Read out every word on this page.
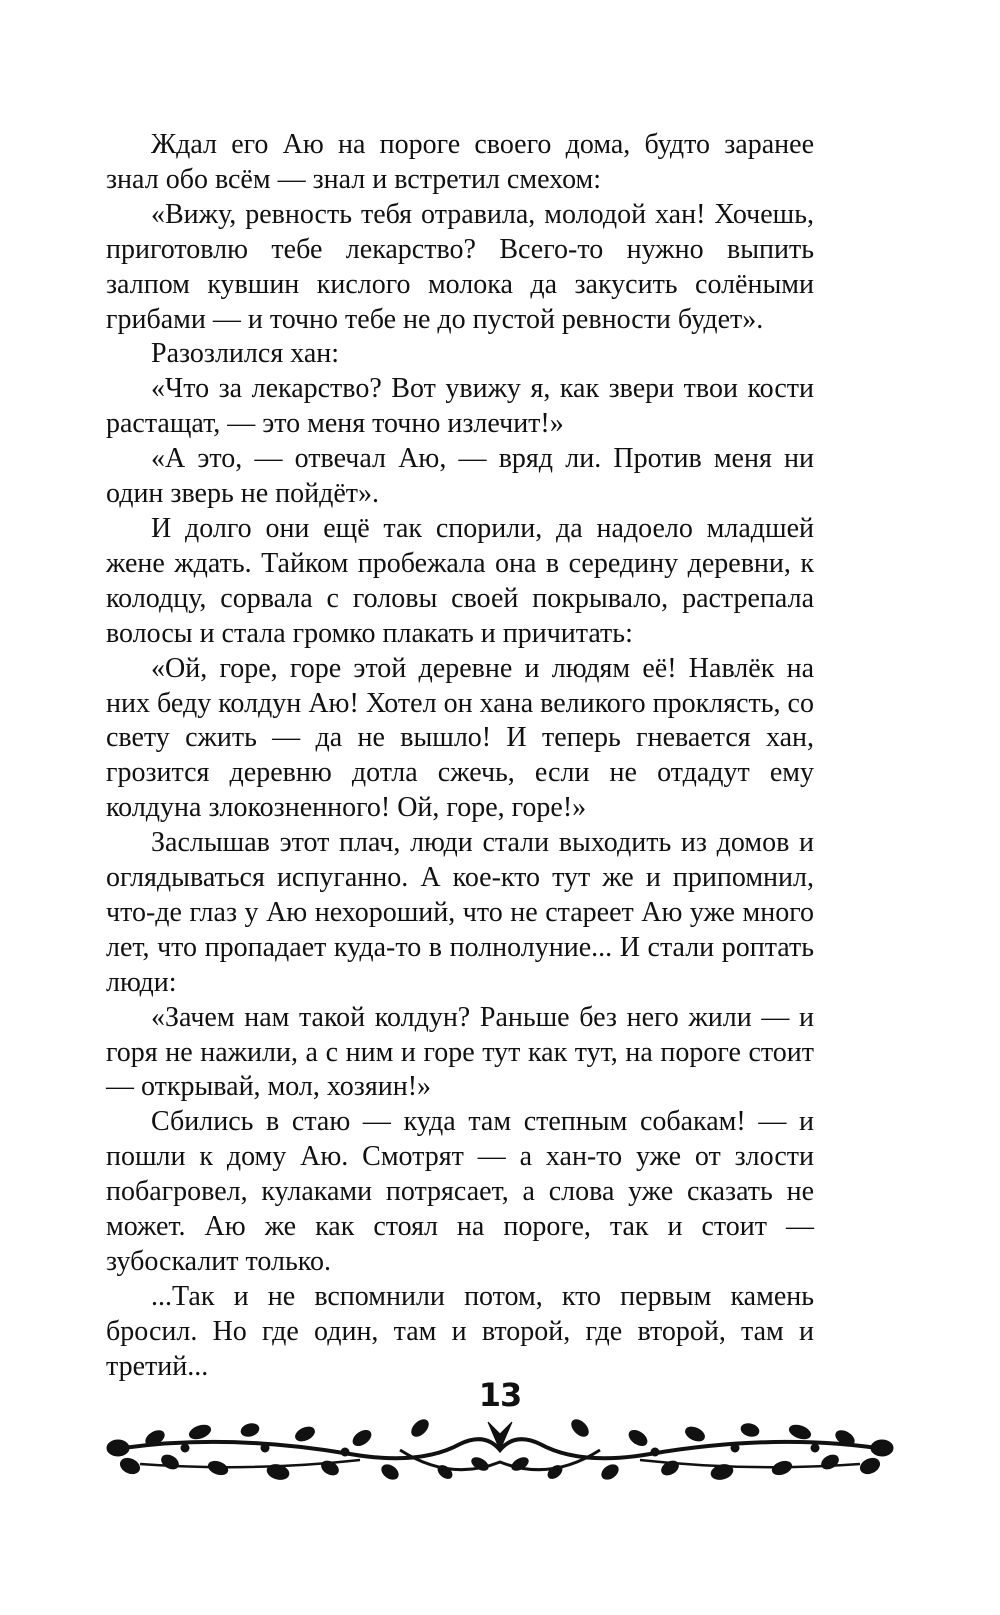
Ждал его Аю на пороге своего дома, будто заранее знал обо всём — знал и встретил смехом:

«Вижу, ревность тебя отравила, молодой хан! Хочешь, приготовлю тебе лекарство? Всего-то нужно выпить залпом кувшин кислого молока да закусить солёными грибами — и точно тебе не до пустой ревности будет».

Разозлился хан:

«Что за лекарство? Вот увижу я, как звери твои кости растащат, — это меня точно излечит!»

«А это, — отвечал Аю, — вряд ли. Против меня ни один зверь не пойдёт».

И долго они ещё так спорили, да надоело младшей жене ждать. Тайком пробежала она в середину деревни, к колодцу, сорвала с головы своей покрывало, растрепала волосы и стала громко плакать и причитать:

«Ой, горе, горе этой деревне и людям её! Навлёк на них беду колдун Аю! Хотел он хана великого проклясть, со свету сжить — да не вышло! И теперь гневается хан, грозится деревню дотла сжечь, если не отдадут ему колдуна злокозненного! Ой, горе, горе!»

Заслышав этот плач, люди стали выходить из домов и оглядываться испуганно. А кое-кто тут же и припомнил, что-де глаз у Аю нехороший, что не стареет Аю уже много лет, что пропадает куда-то в полнолуние... И стали роптать люди:

«Зачем нам такой колдун? Раньше без него жили — и горя не нажили, а с ним и горе тут как тут, на пороге стоит — открывай, мол, хозяин!»

Сбились в стаю — куда там степным собакам! — и пошли к дому Аю. Смотрят — а хан-то уже от злости побагровел, кулаками потрясает, а слова уже сказать не может. Аю же как стоял на пороге, так и стоит — зубоскалит только.

...Так и не вспомнили потом, кто первым камень бросил. Но где один, там и второй, где второй, там и третий...

13
